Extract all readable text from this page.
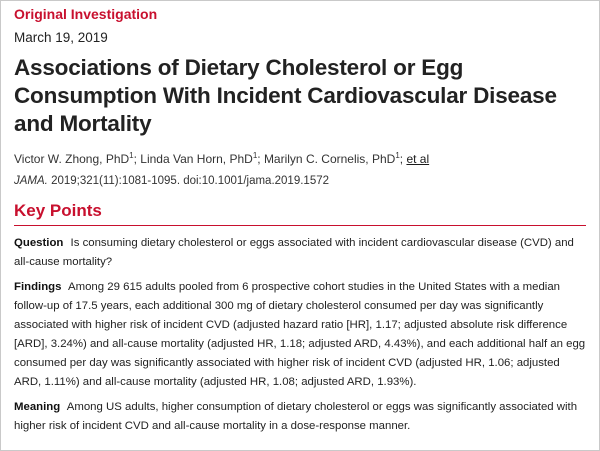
Original Investigation

March 19, 2019

Associations of Dietary Cholesterol or Egg Consumption With Incident Cardiovascular Disease and Mortality

Victor W. Zhong, PhD$^1$; Linda Van Horn, PhD$^1$; Marilyn C. Cornelis, PhD$^1$; et al

JAMA. 2019;321(11):1081-1095. doi:10.1001/jama.2019.1572

Key Points

Question Is consuming dietary cholesterol or eggs associated with incident cardiovascular disease (CVD) and all-cause mortality?

Findings Among 29 615 adults pooled from 6 prospective cohort studies in the United States with a median follow-up of 17.5 years, each additional 300 mg of dietary cholesterol consumed per day was significantly associated with higher risk of incident CVD (adjusted hazard ratio [HR], 1.17; adjusted absolute risk difference [ARD], 3.24%) and all-cause mortality (adjusted HR, 1.18; adjusted ARD, 4.43%), and each additional half an egg consumed per day was significantly associated with higher risk of incident CVD (adjusted HR, 1.06; adjusted ARD, 1.11%) and all-cause mortality (adjusted HR, 1.08; adjusted ARD, 1.93%).

Meaning Among US adults, higher consumption of dietary cholesterol or eggs was significantly associated with higher risk of incident CVD and all-cause mortality in a dose-response manner.
